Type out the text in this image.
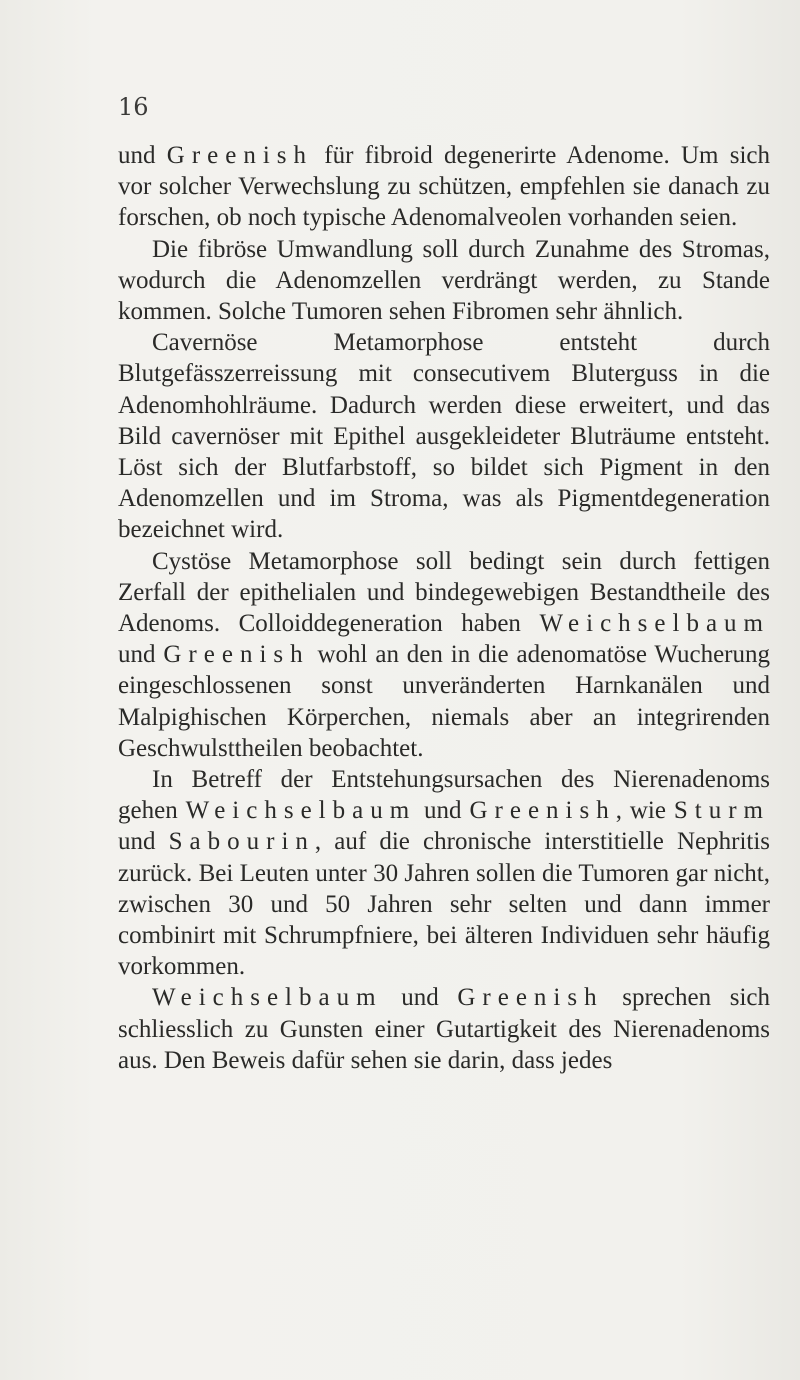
16

und Greenish für fibroid degenerirte Adenome. Um sich vor solcher Verwechslung zu schützen, empfehlen sie danach zu forschen, ob noch typische Adenomalveolen vorhanden seien.

Die fibröse Umwandlung soll durch Zunahme des Stromas, wodurch die Adenomzellen verdrängt werden, zu Stande kommen. Solche Tumoren sehen Fibromen sehr ähnlich.

Cavernöse Metamorphose entsteht durch Blutgefässzerreissung mit consecutivem Bluterguss in die Adenomhohlräume. Dadurch werden diese erweitert, und das Bild cavernöser mit Epithel ausgekleideter Bluträume entsteht. Löst sich der Blutfarbstoff, so bildet sich Pigment in den Adenomzellen und im Stroma, was als Pigmentdegeneration bezeichnet wird.

Cystöse Metamorphose soll bedingt sein durch fettigen Zerfall der epithelialen und bindegewebigen Bestandtheile des Adenoms. Colloiddegeneration haben Weichselbaum und Greenish wohl an den in die adenomatöse Wucherung eingeschlossenen sonst unveränderten Harnkanälen und Malpighischen Körperchen, niemals aber an integrirenden Geschwulsttheilen beobachtet.

In Betreff der Entstehungsursachen des Nierenadenoms gehen Weichselbaum und Greenish, wie Sturm und Sabourin, auf die chronische interstitielle Nephritis zurück. Bei Leuten unter 30 Jahren sollen die Tumoren gar nicht, zwischen 30 und 50 Jahren sehr selten und dann immer combinirt mit Schrumpfniere, bei älteren Individuen sehr häufig vorkommen.

Weichselbaum und Greenish sprechen sich schliesslich zu Gunsten einer Gutartigkeit des Nierenadenoms aus. Den Beweis dafür sehen sie darin, dass jedes
